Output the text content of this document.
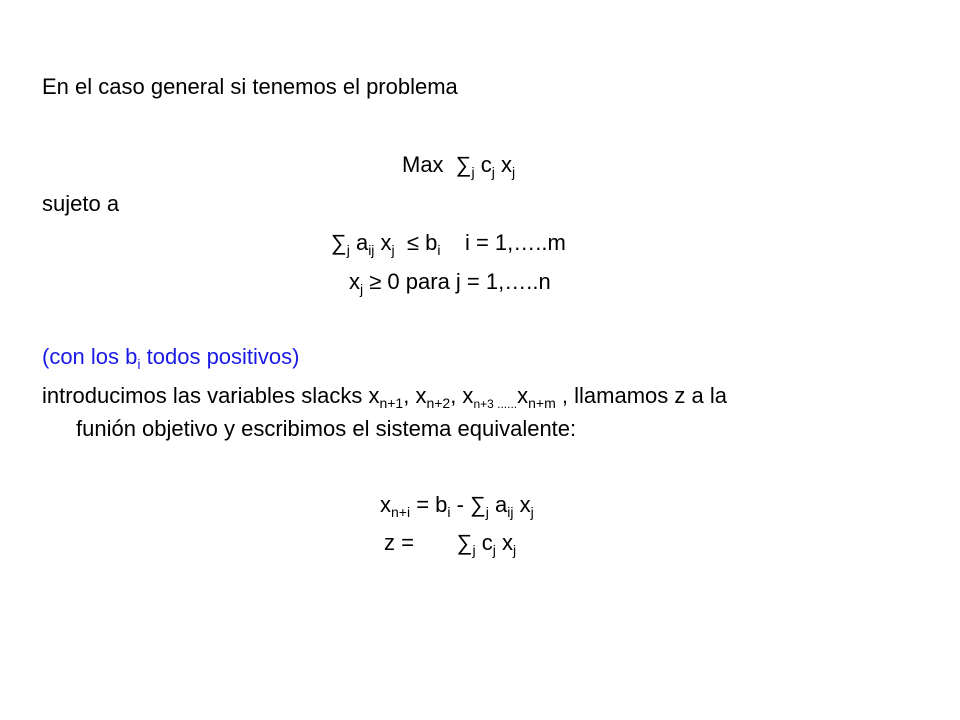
En el caso general si tenemos el problema
Max $\sum_j$ $c_j$ $x_j$
sujeto a
$\sum_j$ $a_{ij}$ $x_j \le b_i$ i = 1,…..m
$x_j \ge 0$ para j = 1,…..n
(con los $b_i$ todos positivos)
introducimos las variables slacks $x_{n+1}$, $x_{n+2}$, $x_{n+3 ......}x_{n+m}$ , llamamos z a la
funión objetivo y escribimos el sistema equivalente:
$x_{n+i} = b_i - \sum_j$ $a_{ij}$ $x_j$
$z = \sum_j$ $c_j$ $x_j$
